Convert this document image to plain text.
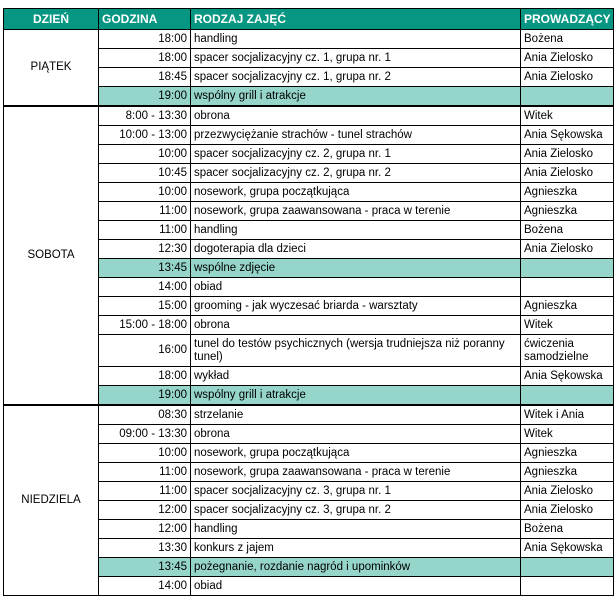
DZIEŃ	GODZINA	RODZAJ ZAJĘĆ	PROWADZĄCY
PIĄTEK	18:00	handling	Bożena
	18:00	spacer socjalizacyjny cz. 1, grupa nr. 1	Ania Zielosko
	18:45	spacer socjalizacyjny cz. 1, grupa nr. 2	Ania Zielosko
	19:00	wspólny grill i atrakcje	
SOBOTA	8:00 - 13:30	obrona	Witek
	10:00 - 13:00	przezwyciężanie strachów - tunel strachów	Ania Sękowska
	10:00	spacer socjalizacyjny cz. 2, grupa nr. 1	Ania Zielosko
	10:45	spacer socjalizacyjny cz. 2, grupa nr. 2	Ania Zielosko
	10:00	nosework, grupa początkująca	Agnieszka
	11:00	nosework, grupa zaawansowana - praca w terenie	Agnieszka
	11:00	handling	Bożena
	12:30	dogoterapia dla dzieci	Ania Zielosko
	13:45	wspólne zdjęcie	
	14:00	obiad	
	15:00	grooming - jak wyczesać briarda - warsztaty	Agnieszka
	15:00 - 18:00	obrona	Witek
	16:00	tunel do testów psychicznych (wersja trudniejsza niż poranny tunel)	ćwiczenia samodzielne
	18:00	wykład	Ania Sękowska
	19:00	wspólny grill i atrakcje	
NIEDZIELA	08:30	strzelanie	Witek i Ania
	09:00 - 13:30	obrona	Witek
	10:00	nosework, grupa początkująca	Agnieszka
	11:00	nosework, grupa zaawansowana - praca w terenie	Agnieszka
	11:00	spacer socjalizacyjny cz. 3, grupa nr. 1	Ania Zielosko
	12:00	spacer socjalizacyjny cz. 3, grupa nr. 2	Ania Zielosko
	12:00	handling	Bożena
	13:30	konkurs z jajem	Ania Sękowska
	13:45	pożegnanie, rozdanie nagród i upominków	
	14:00	obiad	
